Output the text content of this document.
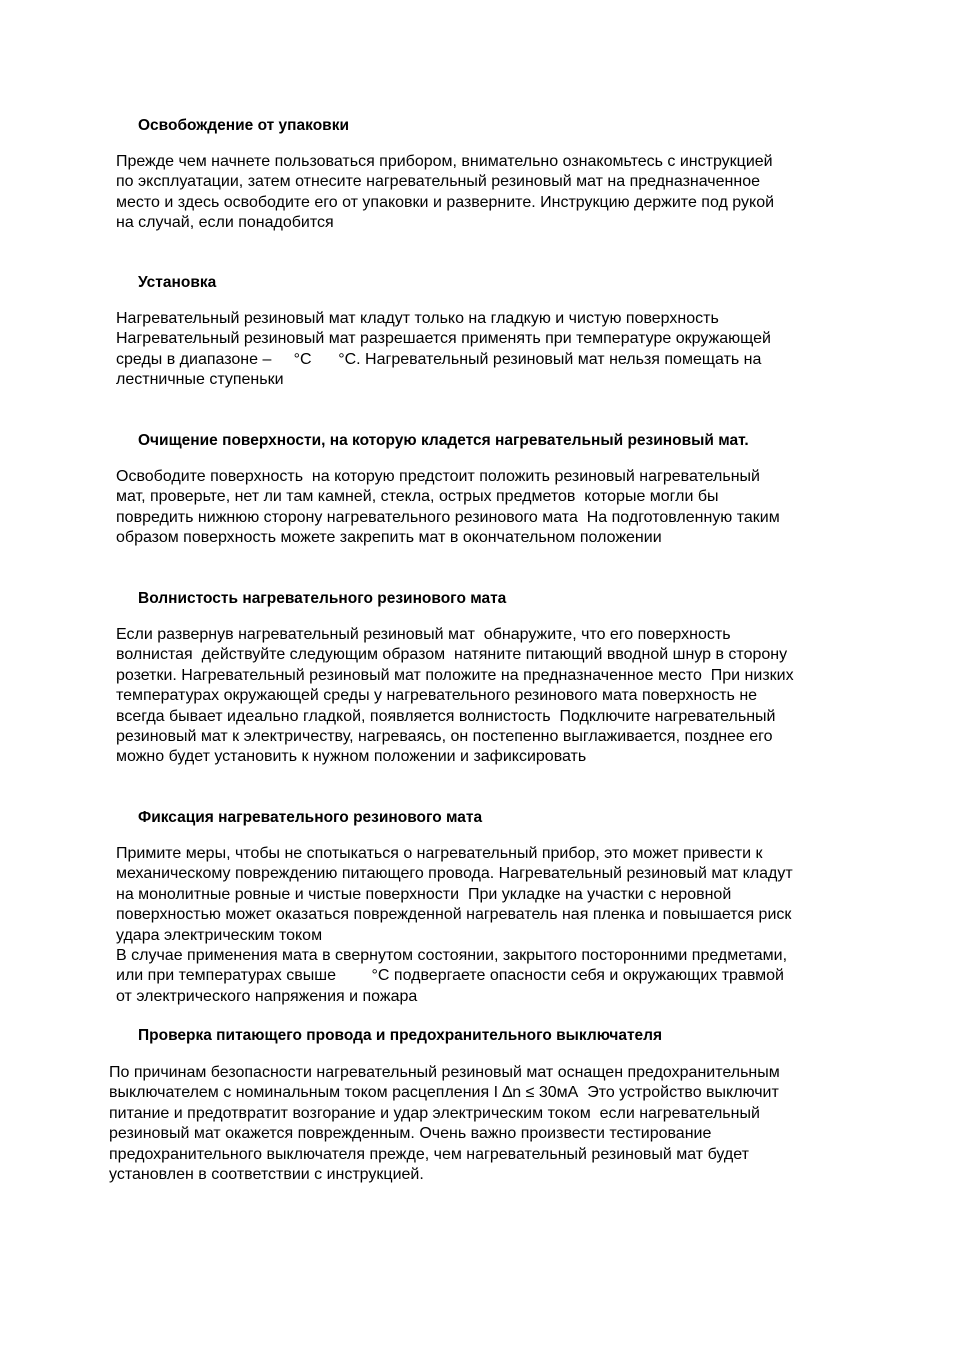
Освобождение от упаковки
Прежде чем начнете пользоваться прибором, внимательно ознакомьтесь с инструкцией
по эксплуатации, затем отнесите нагревательный резиновый мат на предназначенное
место и здесь освободите его от упаковки и разверните. Инструкцию держите под рукой
на случай, если понадобится
Установка
Нагревательный резиновый мат кладут только на гладкую и чистую поверхность
Нагревательный резиновый мат разрешается применять при температуре окружающей
среды в диапазоне –     °C      °C. Нагревательный резиновый мат нельзя помещать на
лестничные ступеньки
Очищение поверхности, на которую кладется нагревательный резиновый мат.
Освободите поверхность  на которую предстоит положить резиновый нагревательный
мат, проверьте, нет ли там камней, стекла, острых предметов  которые могли бы
повредить нижнюю сторону нагревательного резинового мата  На подготовленную таким
образом поверхность можете закрепить мат в окончательном положении
Волнистость нагревательного резинового мата
Если развернув нагревательный резиновый мат  обнаружите, что его поверхность
волнистая  действуйте следующим образом  натяните питающий вводной шнур в сторону
розетки. Нагревательный резиновый мат положите на предназначенное место  При низких
температурах окружающей среды у нагревательного резинового мата поверхность не
всегда бывает идеально гладкой, появляется волнистость  Подключите нагревательный
резиновый мат к электричеству, нагреваясь, он постепенно выглаживается, позднее его
можно будет установить к нужном положении и зафиксировать
Фиксация нагревательного резинового мата
Примите меры, чтобы не спотыкаться о нагревательный прибор, это может привести к
механическому повреждению питающего провода. Нагревательный резиновый мат кладут
на монолитные ровные и чистые поверхности  При укладке на участки с неровной
поверхностью может оказаться поврежденной нагреватель ная пленка и повышается риск
удара электрическим током
В случае применения мата в свернутом состоянии, закрытого посторонними предметами,
или при температурах свыше        °C подвергаете опасности себя и окружающих травмой
от электрического напряжения и пожара
Проверка питающего провода и предохранительного выключателя
По причинам безопасности нагревательный резиновый мат оснащен предохранительным
выключателем с номинальным током расцепления I ∆n ≤ 30мА  Это устройство выключит
питание и предотвратит возгорание и удар электрическим током  если нагревательный
резиновый мат окажется поврежденным. Очень важно произвести тестирование
предохранительного выключателя прежде, чем нагревательный резиновый мат будет
установлен в соответствии с инструкцией.
